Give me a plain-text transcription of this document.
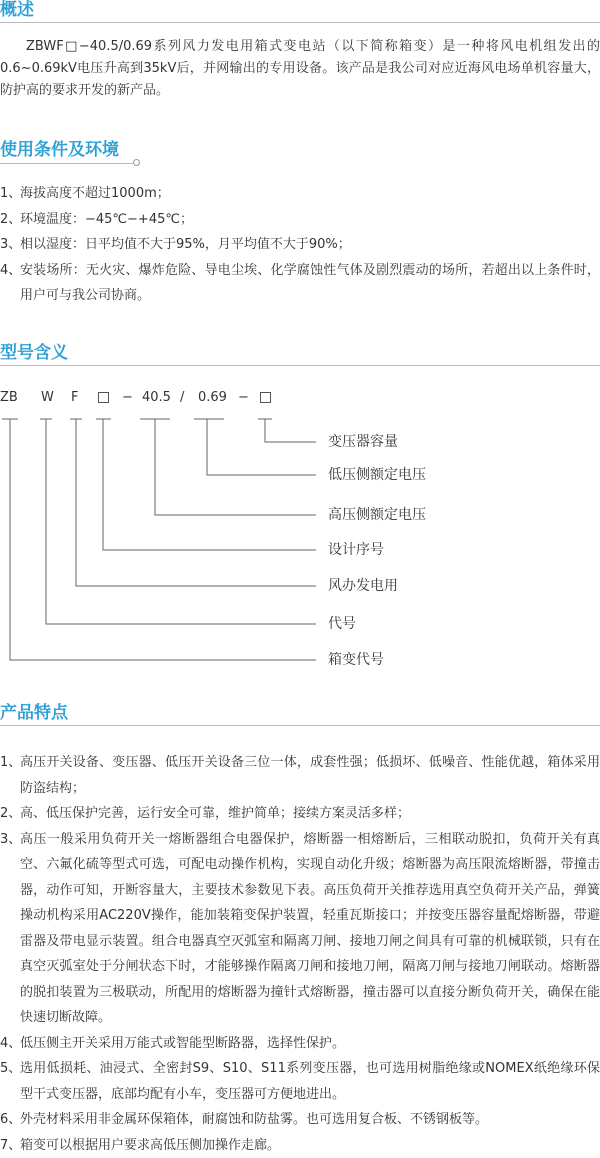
概述
ZBWF□−40.5/0.69系列风力发电用箱式变电站（以下简称箱变）是一种将风电机组发出的0.6~0.69kV电压升高到35kV后，并网输出的专用设备。该产品是我公司对应近海风电场单机容量大，防护高的要求开发的新产品。
使用条件及环境
1、
海拔高度不超过1000m；
2、
环境温度：−45℃−+45℃；
3、
相以湿度：日平均值不大于95%，月平均值不大于90%；
4、
安装场所：无火灾、爆炸危险、导电尘埃、化学腐蚀性气体及剧烈震动的场所，若超出以上条件时，用户可与我公司协商。
型号含义
ZB W F	− 40.5 / 0.69 −
变压器容量
低压侧额定电压
高压侧额定电压
设计序号
风办发电用
代号
箱变代号
产品特点
1、
高压开关设备、变压器、低压开关设备三位一体，成套性强；低损坏、低噪音、性能优越，箱体采用防盗结构；
2、
高、低压保护完善，运行安全可靠，维护简单；接续方案灵活多样；
3、
高压一般采用负荷开关一熔断器组合电器保护，熔断器一相熔断后，三相联动脱扣，负荷开关有真空、六氟化硫等型式可选，可配电动操作机构，实现自动化升级；熔断器为高压限流熔断器，带撞击器，动作可知，开断容量大，主要技术参数见下表。高压负荷开关推荐选用真空负荷开关产品，弹簧操动机构采用AC220V操作，能加装箱变保护装置，轻重瓦斯接口；并按变压器容量配熔断器，带避雷器及带电显示装置。组合电器真空灭弧室和隔离刀闸、接地刀闸之间具有可靠的机械联锁，只有在真空灭弧室处于分闸状态下时，才能够操作隔离刀闸和接地刀闸，隔离刀闸与接地刀闸联动。熔断器的脱扣装置为三极联动，所配用的熔断器为撞针式熔断器，撞击器可以直接分断负荷开关，确保在能快速切断故障。
4、
低压侧主开关采用万能式或智能型断路器，选择性保护。
5、
选用低损耗、油浸式、全密封S9、S10、S11系列变压器，也可选用树脂绝缘或NOMEX纸绝缘环保型干式变压器，底部均配有小车，变压器可方便地进出。
6、
外壳材料采用非金属环保箱体，耐腐蚀和防盐雾。也可选用复合板、不锈钢板等。
7、
箱变可以根据用户要求高低压侧加操作走廊。
